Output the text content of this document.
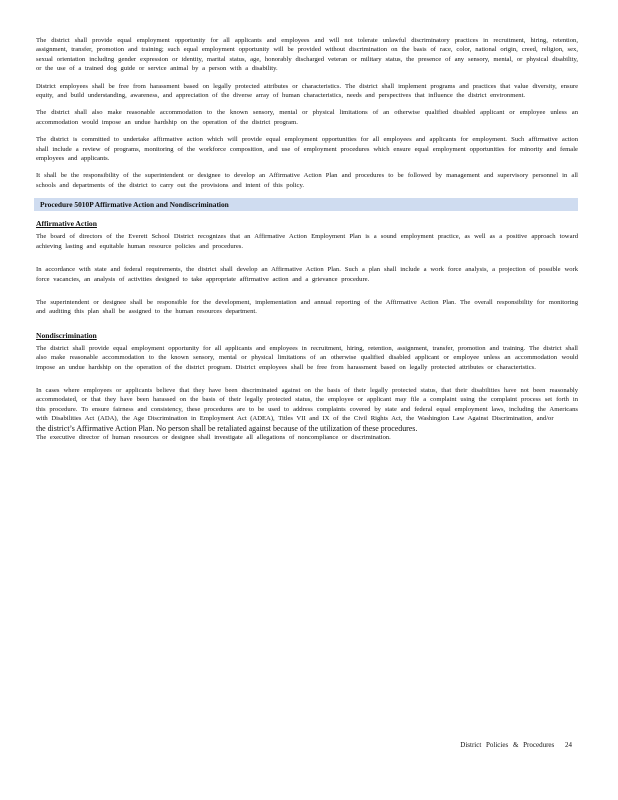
The district shall provide equal employment opportunity for all applicants and employees and will not tolerate unlawful discriminatory practices in recruitment, hiring, retention, assignment, transfer, promotion and training; such equal employment opportunity will be provided without discrimination on the basis of race, color, national origin, creed, religion, sex, sexual orientation including gender expression or identity, marital status, age, honorably discharged veteran or military status, the presence of any sensory, mental, or physical disability, or the use of a trained dog guide or service animal by a person with a disability.

District employees shall be free from harassment based on legally protected attributes or characteristics. The district shall implement programs and practices that value diversity, ensure equity, and build understanding, awareness, and appreciation of the diverse array of human characteristics, needs and perspectives that influence the district environment.

The district shall also make reasonable accommodation to the known sensory, mental or physical limitations of an otherwise qualified disabled applicant or employee unless an accommodation would impose an undue hardship on the operation of the district program.

The district is committed to undertake affirmative action which will provide equal employment opportunities for all employees and applicants for employment. Such affirmative action shall include a review of programs, monitoring of the workforce composition, and use of employment procedures which ensure equal employment opportunities for minority and female employees and applicants.

It shall be the responsibility of the superintendent or designee to develop an Affirmative Action Plan and procedures to be followed by management and supervisory personnel in all schools and departments of the district to carry out the provisions and intent of this policy.

Procedure 5010P Affirmative Action and Nondiscrimination
Affirmative Action

The board of directors of the Everett School District recognizes that an Affirmative Action Employment Plan is a sound employment practice, as well as a positive approach toward achieving lasting and equitable human resource policies and procedures.

In accordance with state and federal requirements, the district shall develop an Affirmative Action Plan. Such a plan shall include a work force analysis, a projection of possible work force vacancies, an analysis of activities designed to take appropriate affirmative action and a grievance procedure.

The superintendent or designee shall be responsible for the development, implementation and annual reporting of the Affirmative Action Plan. The overall responsibility for monitoring and auditing this plan shall be assigned to the human resources department.

Nondiscrimination

The district shall provide equal employment opportunity for all applicants and employees in recruitment, hiring, retention, assignment, transfer, promotion and training. The district shall also make reasonable accommodation to the known sensory, mental or physical limitations of an otherwise qualified disabled applicant or employee unless an accommodation would impose an undue hardship on the operation of the district program. District employees shall be free from harassment based on legally protected attributes or characteristics.

In cases where employees or applicants believe that they have been discriminated against on the basis of their legally protected status, that their disabilities have not been reasonably accommodated, or that they have been harassed on the basis of their legally protected status, the employee or applicant may file a complaint using the complaint process set forth in this procedure. To ensure fairness and consistency, these procedures are to be used to address complaints covered by state and federal equal employment laws, including the Americans with Disabilities Act (ADA), the Age Discrimination in Employment Act (ADEA), Titles VII and IX of the Civil Rights Act, the Washington Law Against Discrimination, and/or
the district’s Affirmative Action Plan. No person shall be retaliated against because of the utilization of these procedures.
The executive director of human resources or designee shall investigate all allegations of noncompliance or discrimination.

District Policies & Procedures 24
